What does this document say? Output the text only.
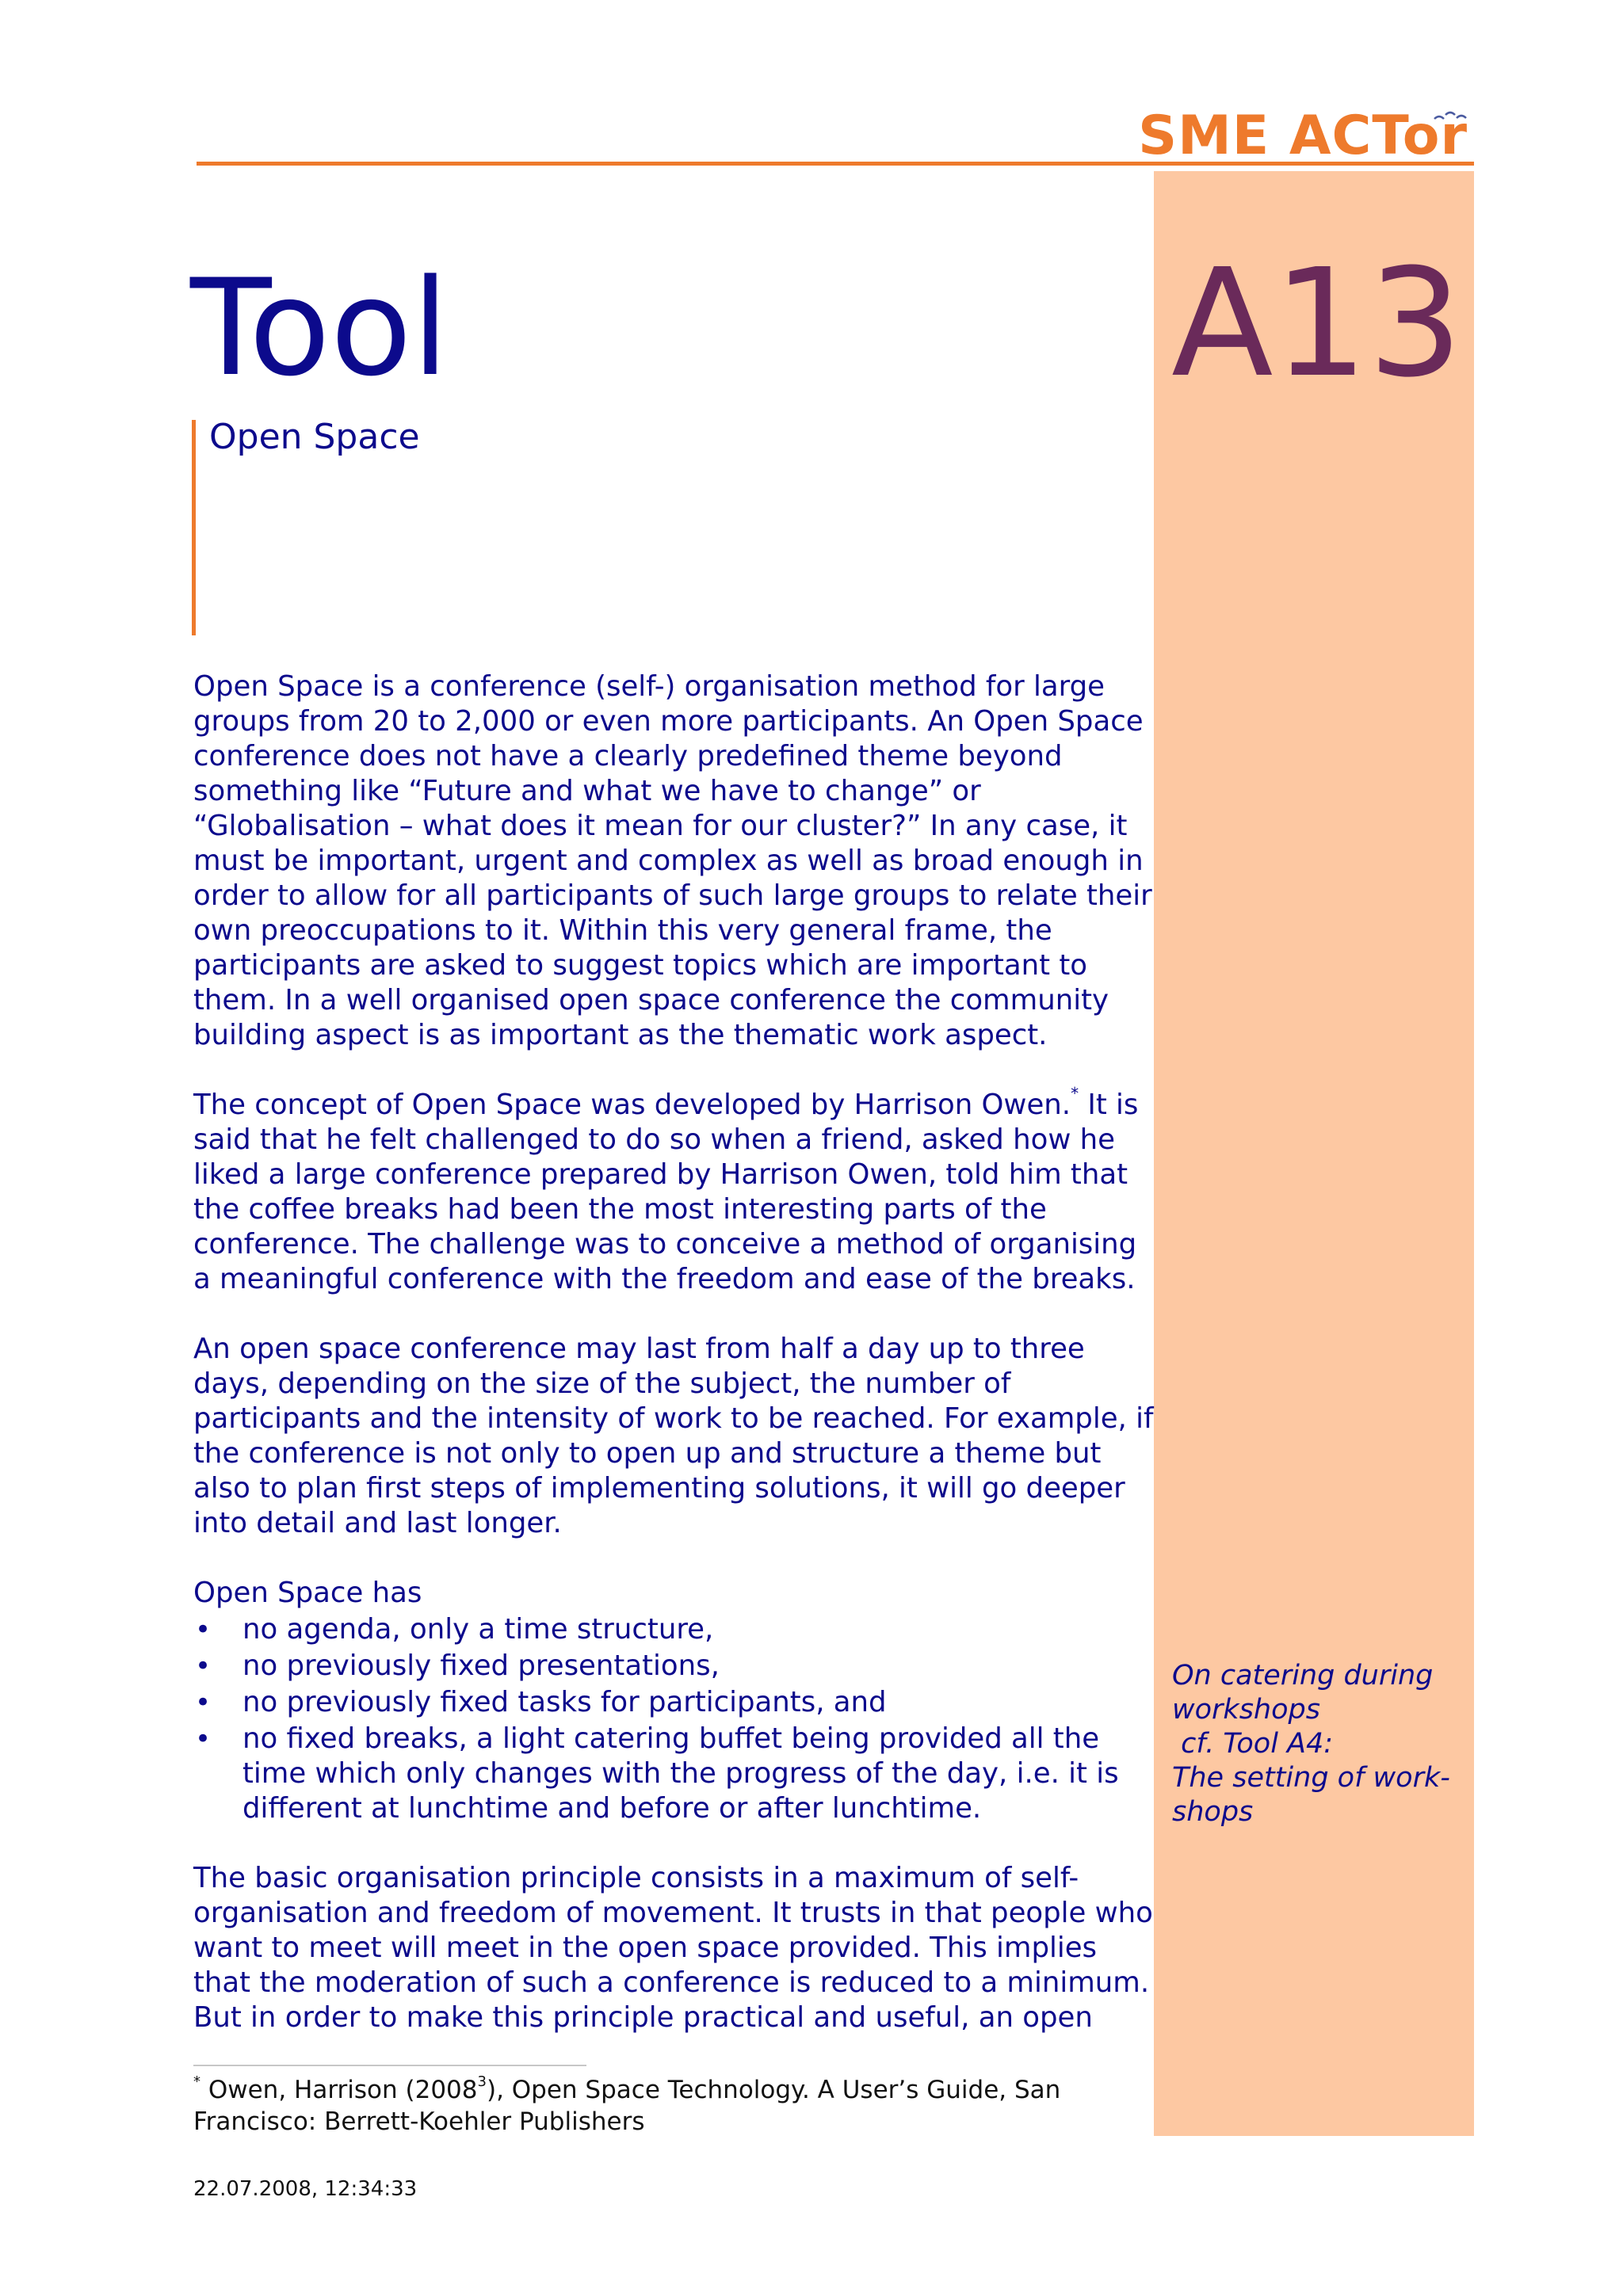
SME ACTor
Tool	A13
Open Space

Open Space is a conference (self-) organisation method for large groups from 20 to 2,000 or even more participants. An Open Space conference does not have a clearly predefined theme beyond something like “Future and what we have to change” or “Globalisation – what does it mean for our cluster?” In any case, it must be important, urgent and complex as well as broad enough in order to allow for all participants of such large groups to relate their own preoccupations to it. Within this very general frame, the participants are asked to suggest topics which are important to them. In a well organised open space conference the community building aspect is as important as the thematic work aspect.

The concept of Open Space was developed by Harrison Owen.* It is said that he felt challenged to do so when a friend, asked how he liked a large conference prepared by Harrison Owen, told him that the coffee breaks had been the most interesting parts of the conference. The challenge was to conceive a method of organising a meaningful conference with the freedom and ease of the breaks.

An open space conference may last from half a day up to three days, depending on the size of the subject, the number of participants and the intensity of work to be reached. For example, if the conference is not only to open up and structure a theme but also to plan first steps of implementing solutions, it will go deeper into detail and last longer.

Open Space has

• no agenda, only a time structure,
• no previously fixed presentations,
• no previously fixed tasks for participants, and
• no fixed breaks, a light catering buffet being provided all the time which only changes with the progress of the day, i.e. it is different at lunchtime and before or after lunchtime.

The basic organisation principle consists in a maximum of self-organisation and freedom of movement. It trusts in that people who want to meet will meet in the open space provided. This implies that the moderation of such a conference is reduced to a minimum. But in order to make this principle practical and useful, an open

On catering during
workshops
cf. Tool A4:
The setting of work-
shops
* Owen, Harrison (2008$^3$), Open Space Technology. A User’s Guide, San Francisco: Berrett-Koehler Publishers
22.07.2008, 12:34:33
